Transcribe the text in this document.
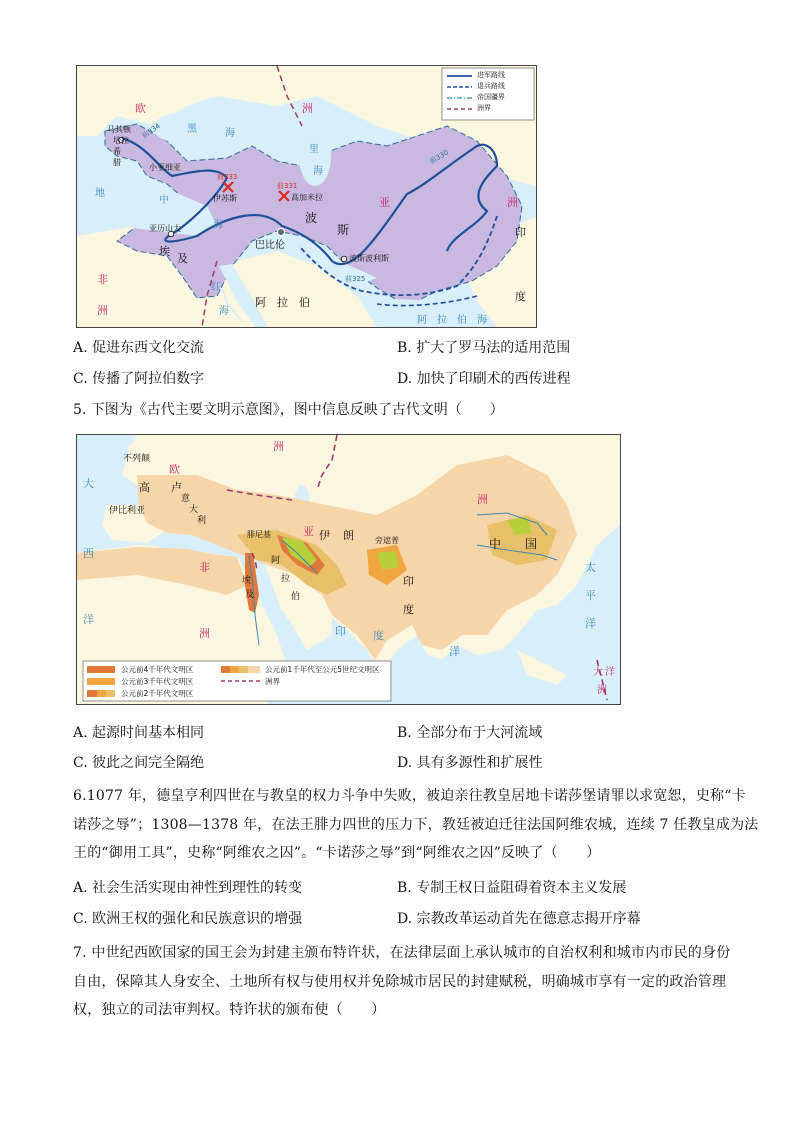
进军路线
退兵路线
帝国疆界
洲界
欧	洲
黑	海
里
海
马其顿
培拉
希
腊
小亚细亚
地
中
海
前333
伊苏斯
前331
高加米拉	亚	洲
亚历山大
埃
及
巴比伦
波
斯
波斯波利斯
非
洲
红
海
阿　拉　伯
印
度
阿　拉　伯　海
前334
前330
前325
A. 促进东西文化交流	B. 扩大了罗马法的适用范围
C. 传播了阿拉伯数字	D. 加快了印刷术的西传进程
5. 下图为《古代主要文明示意图》，图中信息反映了古代文明（　　）
公元前4千年代文明区
公元前3千年代文明区
公元前2千年代文明区
公元前1千年代至公元5世纪文明区
洲界
不列颠
欧
洲
高 卢
意
大
利
伊比利亚
大
西
洋
亚
洲
腓尼基	伊 朗	旁遮普	中 国
非
洲
埃
及
阿
拉
伯
印
度
印 度
洋
太
平
洋
大 洋
洲
A. 起源时间基本相同	B. 全部分布于大河流域
C. 彼此之间完全隔绝	D. 具有多源性和扩展性
6.1077 年，德皇亨利四世在与教皇的权力斗争中失败，被迫亲往教皇居地卡诺莎堡请罪以求宽恕，史称“卡
诺莎之辱”；1308—1378 年，在法王腓力四世的压力下，教廷被迫迁往法国阿维农城，连续 7 任教皇成为法
王的“御用工具”，史称“阿维农之囚”。“卡诺莎之辱”到“阿维农之囚”反映了（　　）
A. 社会生活实现由神性到理性的转变	B. 专制王权日益阻碍着资本主义发展
C. 欧洲王权的强化和民族意识的增强	D. 宗教改革运动首先在德意志揭开序幕
7. 中世纪西欧国家的国王会为封建主颁布特许状，在法律层面上承认城市的自治权利和城市内市民的身份
自由，保障其人身安全、土地所有权与使用权并免除城市居民的封建赋税，明确城市享有一定的政治管理
权，独立的司法审判权。特许状的颁布使（　　）
